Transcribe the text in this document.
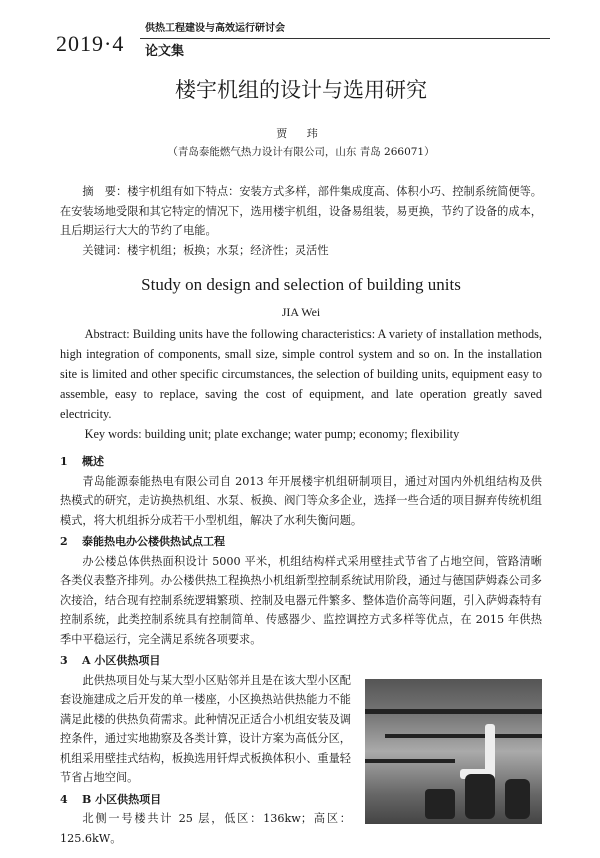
2019·4
供热工程建设与高效运行研讨会
论文集
楼宇机组的设计与选用研究
贾 玮
（青岛泰能燃气热力设计有限公司，山东 青岛 266071）
摘　要：楼宇机组有如下特点：安装方式多样，部件集成度高、体积小巧、控制系统简便等。在安装场地受限和其它特定的情况下，选用楼宇机组，设备易组装，易更换，节约了设备的成本，且后期运行大大的节约了电能。
关键词：楼宇机组；板换；水泵；经济性；灵活性
Study on design and selection of building units
JIA Wei
Abstract: Building units have the following characteristics: A variety of installation methods, high integration of components, small size, simple control system and so on. In the installation site is limited and other specific circumstances, the selection of building units, equipment easy to assemble, easy to replace, saving the cost of equipment, and late operation greatly saved electricity.
Key words: building unit; plate exchange; water pump; economy; flexibility
1 概述
青岛能源泰能热电有限公司自 2013 年开展楼宇机组研制项目，通过对国内外机组结构及供热模式的研究，走访换热机组、水泵、板换、阀门等众多企业，选择一些合适的项目摒弃传统机组模式，将大机组拆分成若干小型机组，解决了水利失衡问题。
2 泰能热电办公楼供热试点工程
办公楼总体供热面积设计 5000 平米，机组结构样式采用壁挂式节省了占地空间，管路清晰各类仪表整齐排列。办公楼供热工程换热小机组新型控制系统试用阶段，通过与德国萨姆森公司多次接洽，结合现有控制系统逻辑繁琐、控制及电器元件繁多、整体造价高等问题，引入萨姆森特有控制系统，此类控制系统具有控制简单、传感器少、监控调控方式多样等优点，在 2015 年供热季中平稳运行，完全满足系统各项要求。
3 A 小区供热项目
此供热项目处与某大型小区贴邻并且是在该大型小区配套设施建成之后开发的单一楼座，小区换热站供热能力不能满足此楼的供热负荷需求。此种情况正适合小机组安装及调控条件，通过实地勘察及各类计算，设计方案为高低分区，机组采用壁挂式结构，板换选用钎焊式板换体积小、重量轻节省占地空间。
4 B 小区供热项目
北侧一号楼共计 25 层，低区：136kw；高区：125.6kW。
